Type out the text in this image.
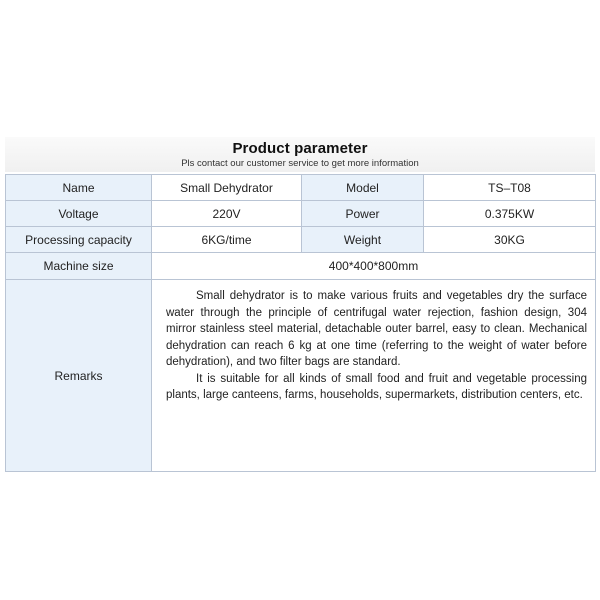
Product parameter
Pls contact our customer service to get more information
Name	Small Dehydrator	Model	TS–T08
Voltage	220V	Power	0.375KW
Processing capacity	6KG/time	Weight	30KG
Machine size	400*400*800mm		
Remarks	Small dehydrator is to make various fruits and vegetables dry the surface water through the principle of centrifugal water rejection, fashion design, 304 mirror stainless steel material, detachable outer barrel, easy to clean. Mechanical dehydration can reach 6 kg at one time (referring to the weight of water before dehydration), and two filter bags are standard.
It is suitable for all kinds of small food and fruit and vegetable processing plants, large canteens, farms, households, supermarkets, distribution centers, etc.		
